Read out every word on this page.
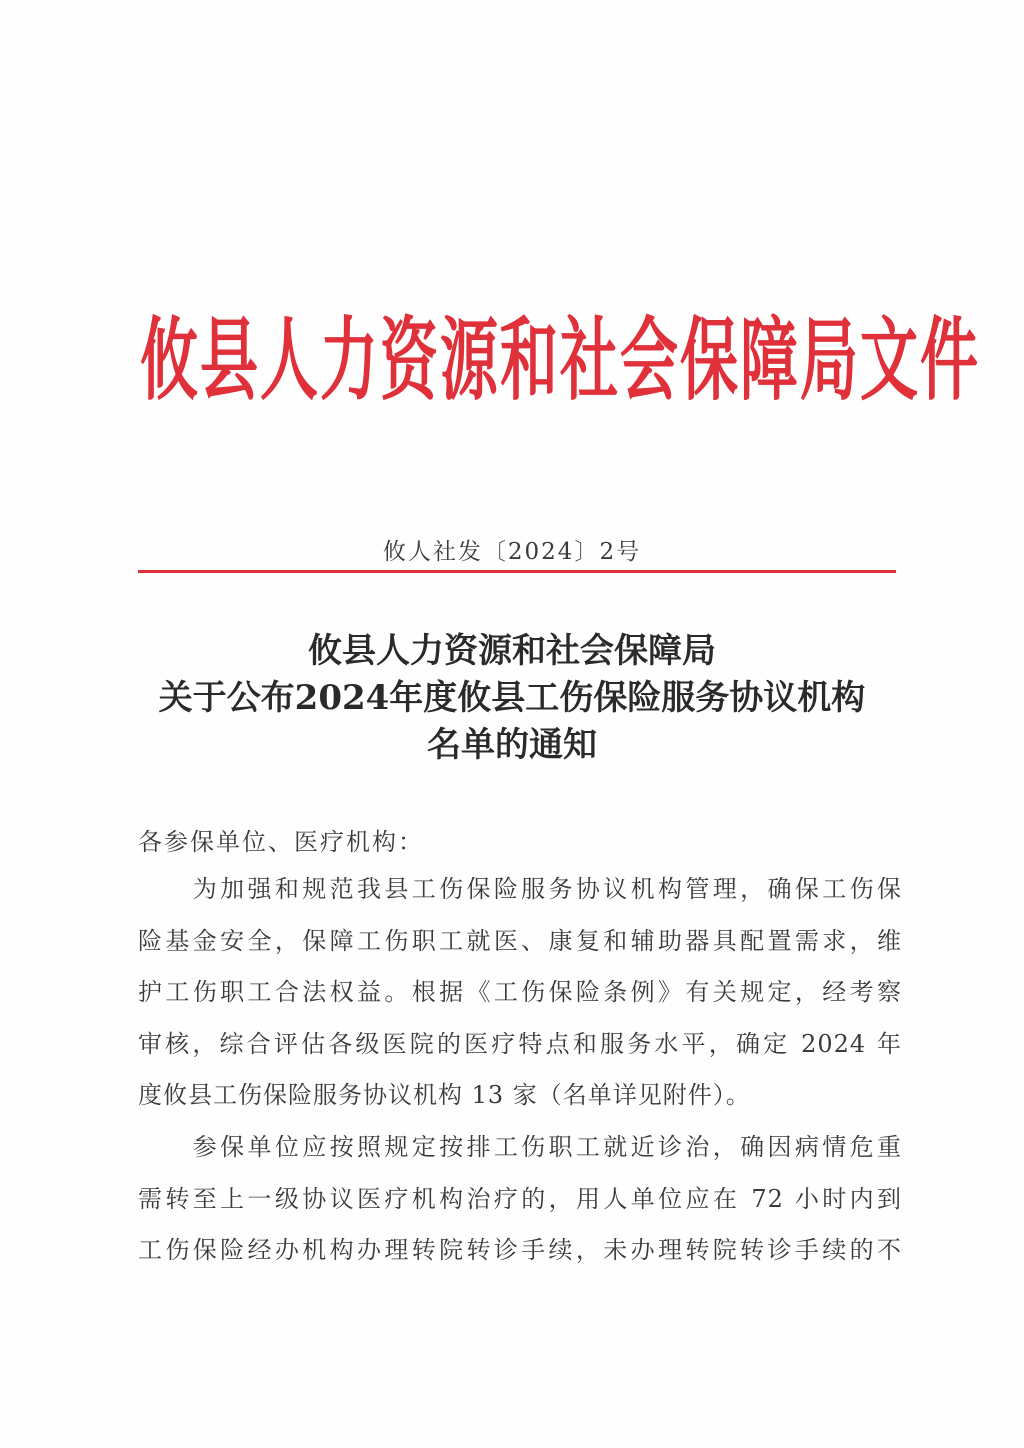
攸县人力资源和社会保障局文件
攸人社发〔2024〕2号
攸县人力资源和社会保障局
关于公布2024年度攸县工伤保险服务协议机构
名单的通知
各参保单位、医疗机构：
　　为加强和规范我县工伤保险服务协议机构管理，确保工伤保
险基金安全，保障工伤职工就医、康复和辅助器具配置需求，维
护工伤职工合法权益。根据《工伤保险条例》有关规定，经考察
审核，综合评估各级医院的医疗特点和服务水平，确定 2024 年
度攸县工伤保险服务协议机构 13 家（名单详见附件）。
　　参保单位应按照规定按排工伤职工就近诊治，确因病情危重
需转至上一级协议医疗机构治疗的，用人单位应在 72 小时内到
工伤保险经办机构办理转院转诊手续，未办理转院转诊手续的不
